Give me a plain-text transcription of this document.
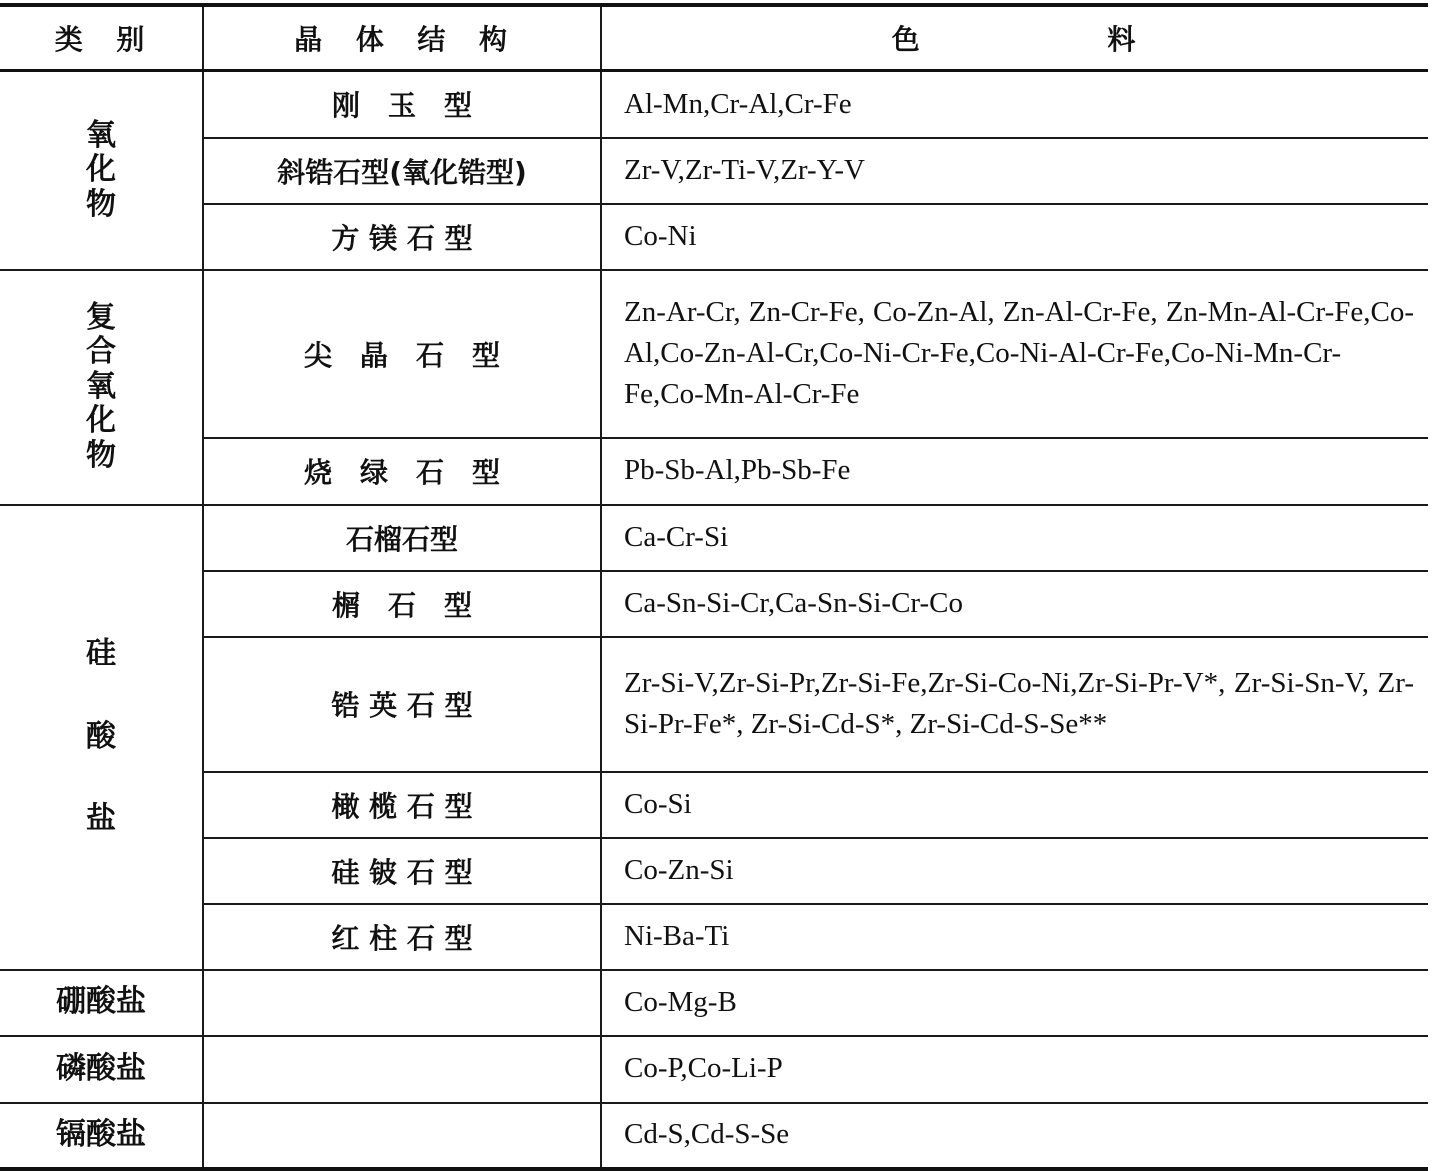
类　别	晶　体　结　构	色　　　　　　料
氧化物	刚　玉　型	Al-Mn,Cr-Al,Cr-Fe
	斜锆石型(氧化锆型)	Zr-V,Zr-Ti-V,Zr-Y-V
	方 镁 石 型	Co-Ni
复合氧化物	尖　晶　石　型	Zn-Ar-Cr, Zn-Cr-Fe, Co-Zn-Al, Zn-Al-Cr-Fe, Zn-Mn-Al-Cr-Fe,Co-Al,Co-Zn-Al-Cr,Co-Ni-Cr-Fe,Co-Ni-Al-Cr-Fe,Co-Ni-Mn-Cr-Fe,Co-Mn-Al-Cr-Fe
	烧　绿　石　型	Pb-Sb-Al,Pb-Sb-Fe
硅酸盐	石榴石型	Ca-Cr-Si
	榍　石　型	Ca-Sn-Si-Cr,Ca-Sn-Si-Cr-Co
	锆 英 石 型	Zr-Si-V,Zr-Si-Pr,Zr-Si-Fe,Zr-Si-Co-Ni,Zr-Si-Pr-V*, Zr-Si-Sn-V, Zr-Si-Pr-Fe*, Zr-Si-Cd-S*, Zr-Si-Cd-S-Se**
	橄 榄 石 型	Co-Si
	硅 铍 石 型	Co-Zn-Si
	红 柱 石 型	Ni-Ba-Ti
硼酸盐		Co-Mg-B
磷酸盐		Co-P,Co-Li-P
镉酸盐		Cd-S,Cd-S-Se
